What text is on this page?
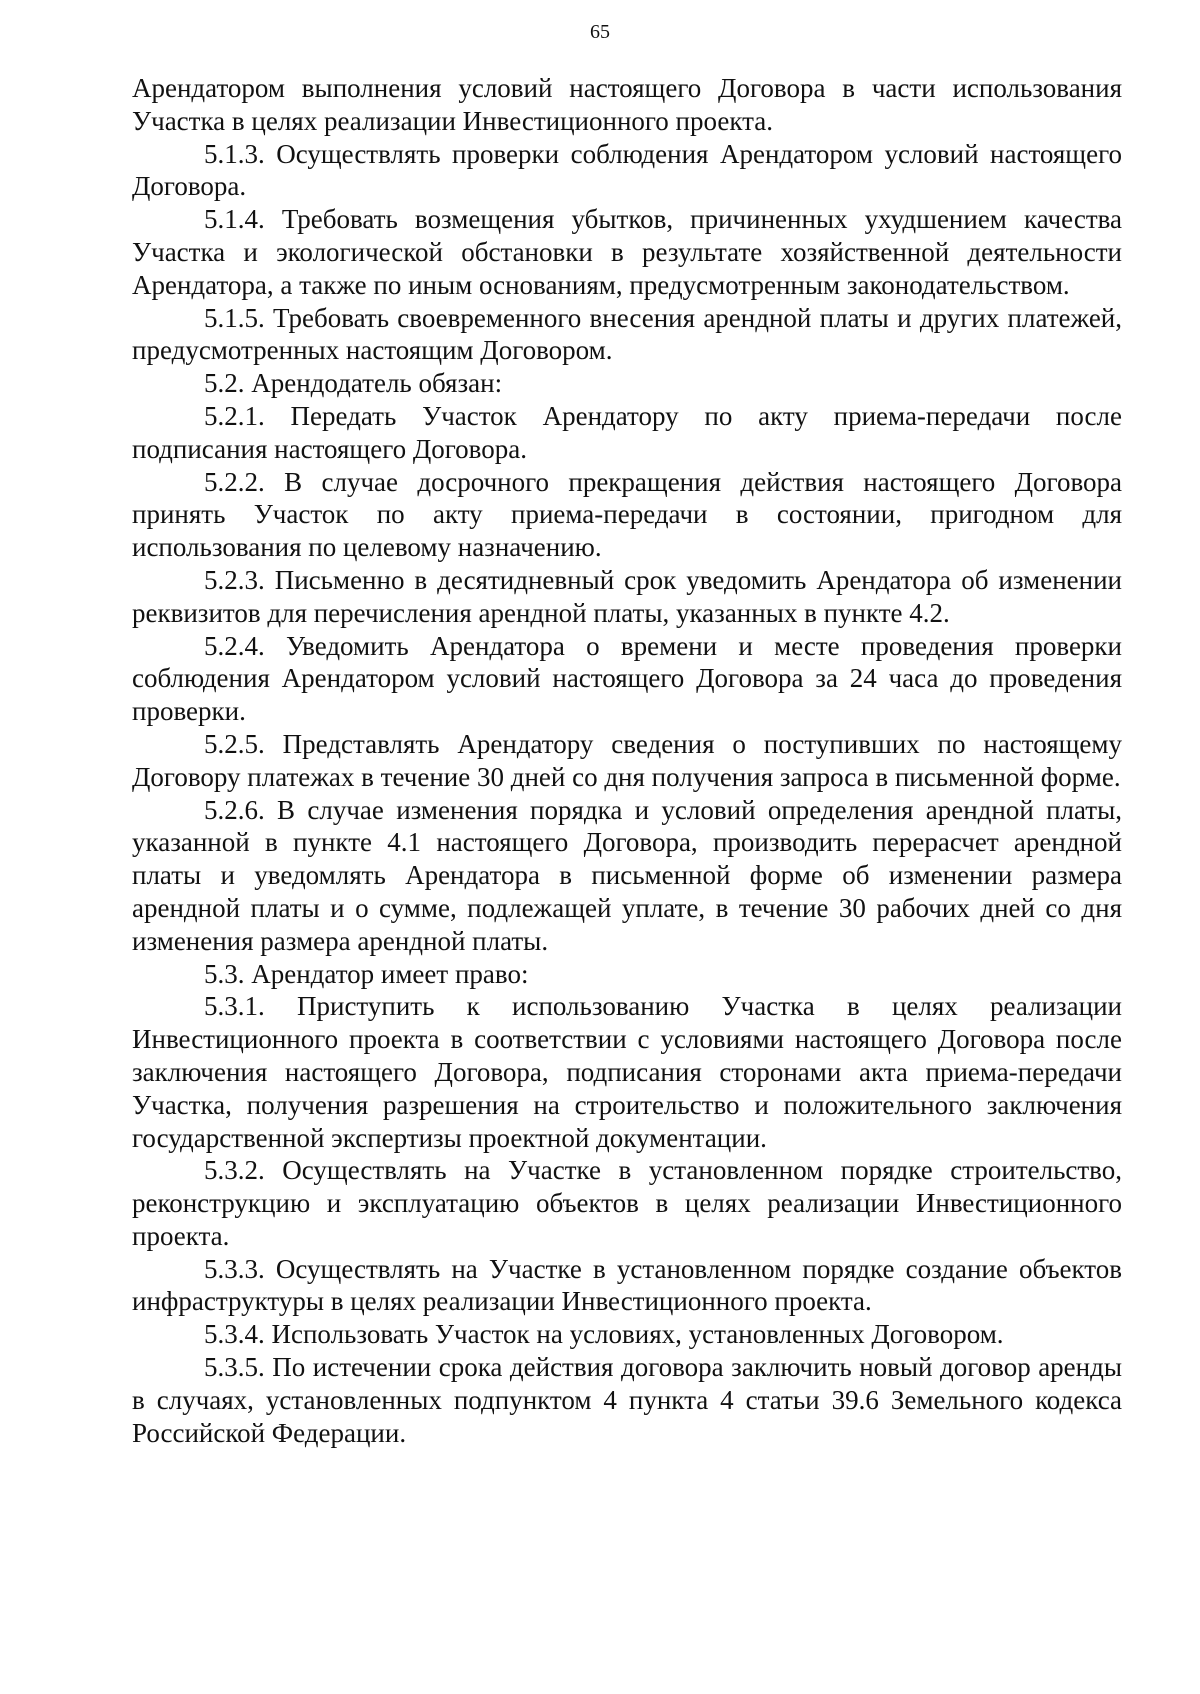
65

Арендатором выполнения условий настоящего Договора в части использования Участка в целях реализации Инвестиционного проекта.

5.1.3. Осуществлять проверки соблюдения Арендатором условий настоящего Договора.

5.1.4. Требовать возмещения убытков, причиненных ухудшением качества Участка и экологической обстановки в результате хозяйственной деятельности Арендатора, а также по иным основаниям, предусмотренным законодательством.

5.1.5. Требовать своевременного внесения арендной платы и других платежей, предусмотренных настоящим Договором.

5.2. Арендодатель обязан:

5.2.1. Передать Участок Арендатору по акту приема-передачи после подписания настоящего Договора.

5.2.2. В случае досрочного прекращения действия настоящего Договора принять Участок по акту приема-передачи в состоянии, пригодном для использования по целевому назначению.

5.2.3. Письменно в десятидневный срок уведомить Арендатора об изменении реквизитов для перечисления арендной платы, указанных в пункте 4.2.

5.2.4. Уведомить Арендатора о времени и месте проведения проверки соблюдения Арендатором условий настоящего Договора за 24 часа до проведения проверки.

5.2.5. Представлять Арендатору сведения о поступивших по настоящему Договору платежах в течение 30 дней со дня получения запроса в письменной форме.

5.2.6. В случае изменения порядка и условий определения арендной платы, указанной в пункте 4.1 настоящего Договора, производить перерасчет арендной платы и уведомлять Арендатора в письменной форме об изменении размера арендной платы и о сумме, подлежащей уплате, в течение 30 рабочих дней со дня изменения размера арендной платы.

5.3. Арендатор имеет право:

5.3.1. Приступить к использованию Участка в целях реализации Инвестиционного проекта в соответствии с условиями настоящего Договора после заключения настоящего Договора, подписания сторонами акта приема-передачи Участка, получения разрешения на строительство и положительного заключения государственной экспертизы проектной документации.

5.3.2. Осуществлять на Участке в установленном порядке строительство, реконструкцию и эксплуатацию объектов в целях реализации Инвестиционного проекта.

5.3.3. Осуществлять на Участке в установленном порядке создание объектов инфраструктуры в целях реализации Инвестиционного проекта.

5.3.4. Использовать Участок на условиях, установленных Договором.

5.3.5. По истечении срока действия договора заключить новый договор аренды в случаях, установленных подпунктом 4 пункта 4 статьи 39.6 Земельного кодекса Российской Федерации.
